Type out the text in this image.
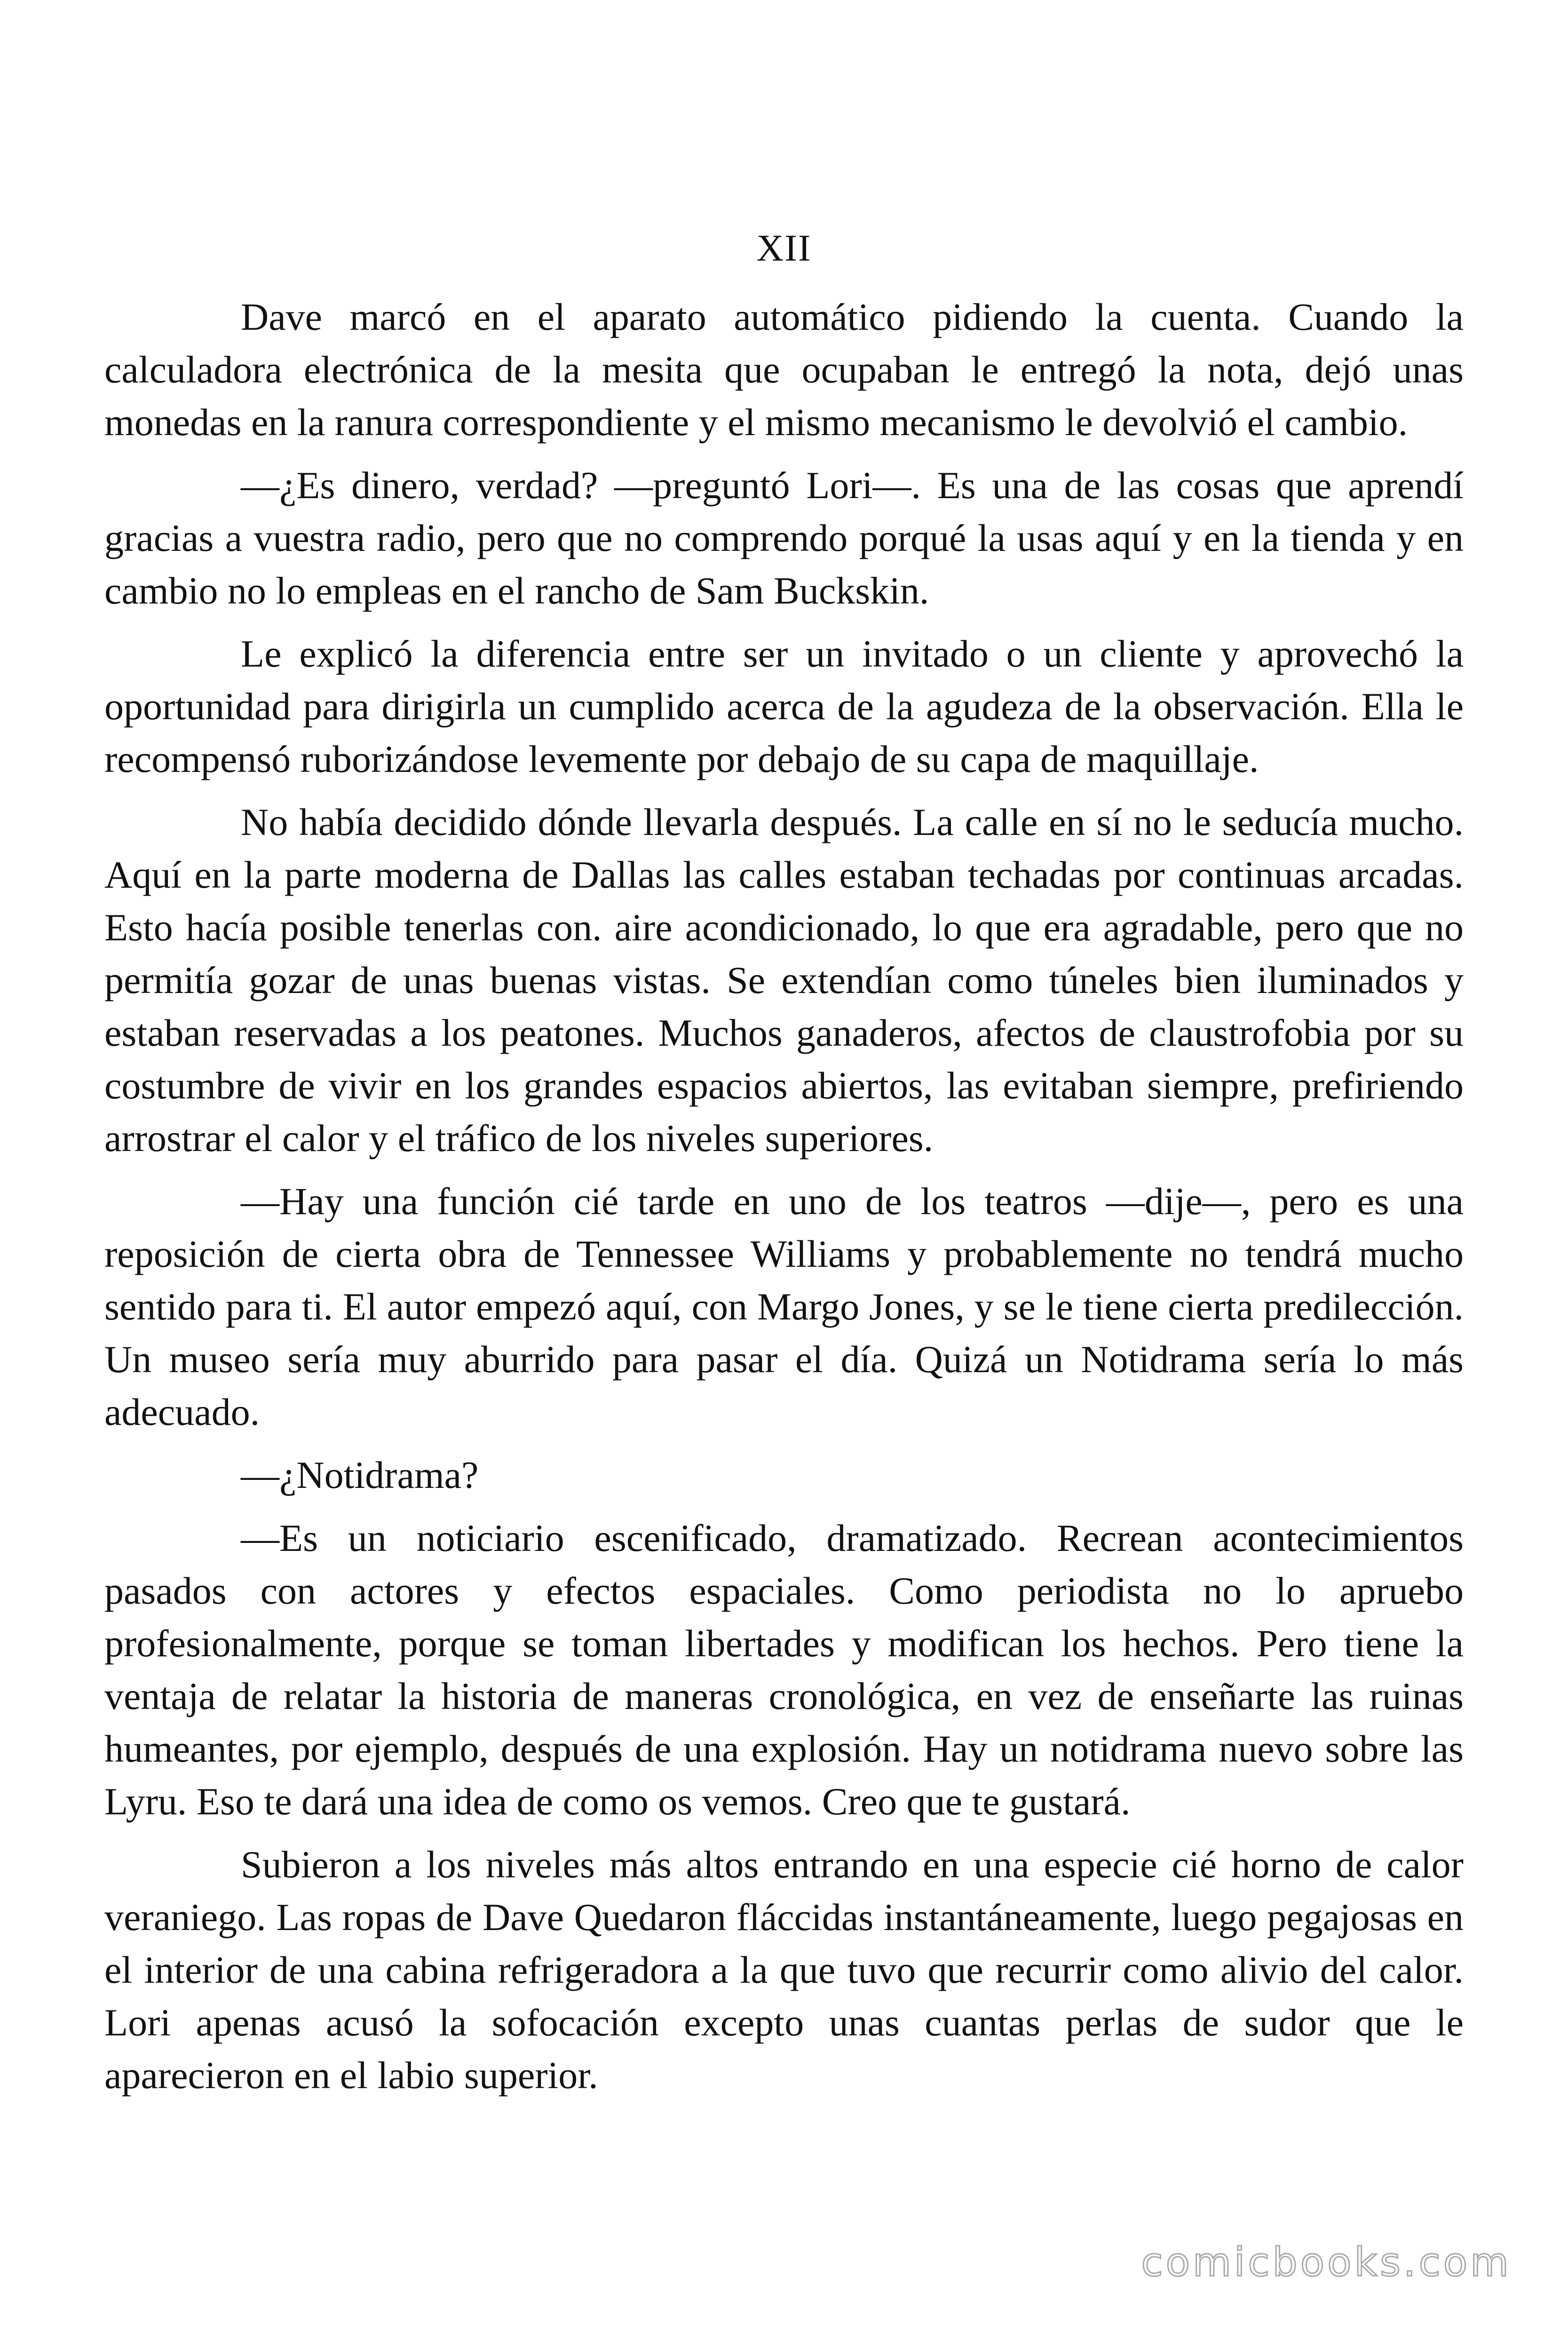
XII

Dave marcó en el aparato automático pidiendo la cuenta. Cuando la calculadora electrónica de la mesita que ocupaban le entregó la nota, dejó unas monedas en la ranura correspondiente y el mismo mecanismo le devolvió el cambio.

—¿Es dinero, verdad? —preguntó Lori—. Es una de las cosas que aprendí gracias a vuestra radio, pero que no comprendo porqué la usas aquí y en la tienda y en cambio no lo empleas en el rancho de Sam Buckskin.

Le explicó la diferencia entre ser un invitado o un cliente y aprovechó la oportunidad para dirigirla un cumplido acerca de la agudeza de la observación. Ella le recompensó ruborizándose levemente por debajo de su capa de maquillaje.

No había decidido dónde llevarla después. La calle en sí no le seducía mucho. Aquí en la parte moderna de Dallas las calles estaban techadas por continuas arcadas. Esto hacía posible tenerlas con. aire acondicionado, lo que era agradable, pero que no permitía gozar de unas buenas vistas. Se extendían como túneles bien iluminados y estaban reservadas a los peatones. Muchos ganaderos, afectos de claustrofobia por su costumbre de vivir en los grandes espacios abiertos, las evitaban siempre, prefiriendo arrostrar el calor y el tráfico de los niveles superiores.

—Hay una función cié tarde en uno de los teatros —dije—, pero es una reposición de cierta obra de Tennessee Williams y probablemente no tendrá mucho sentido para ti. El autor empezó aquí, con Margo Jones, y se le tiene cierta predilección. Un museo sería muy aburrido para pasar el día. Quizá un Notidrama sería lo más adecuado.

—¿Notidrama?

—Es un noticiario escenificado, dramatizado. Recrean acontecimientos pasados con actores y efectos espaciales. Como periodista no lo apruebo profesionalmente, porque se toman libertades y modifican los hechos. Pero tiene la ventaja de relatar la historia de maneras cronológica, en vez de enseñarte las ruinas humeantes, por ejemplo, después de una explosión. Hay un notidrama nuevo sobre las Lyru. Eso te dará una idea de como os vemos. Creo que te gustará.

Subieron a los niveles más altos entrando en una especie cié horno de calor veraniego. Las ropas de Dave Quedaron fláccidas instantáneamente, luego pegajosas en el interior de una cabina refrigeradora a la que tuvo que recurrir como alivio del calor. Lori apenas acusó la sofocación excepto unas cuantas perlas de sudor que le aparecieron en el labio superior.

comicbooks.com
